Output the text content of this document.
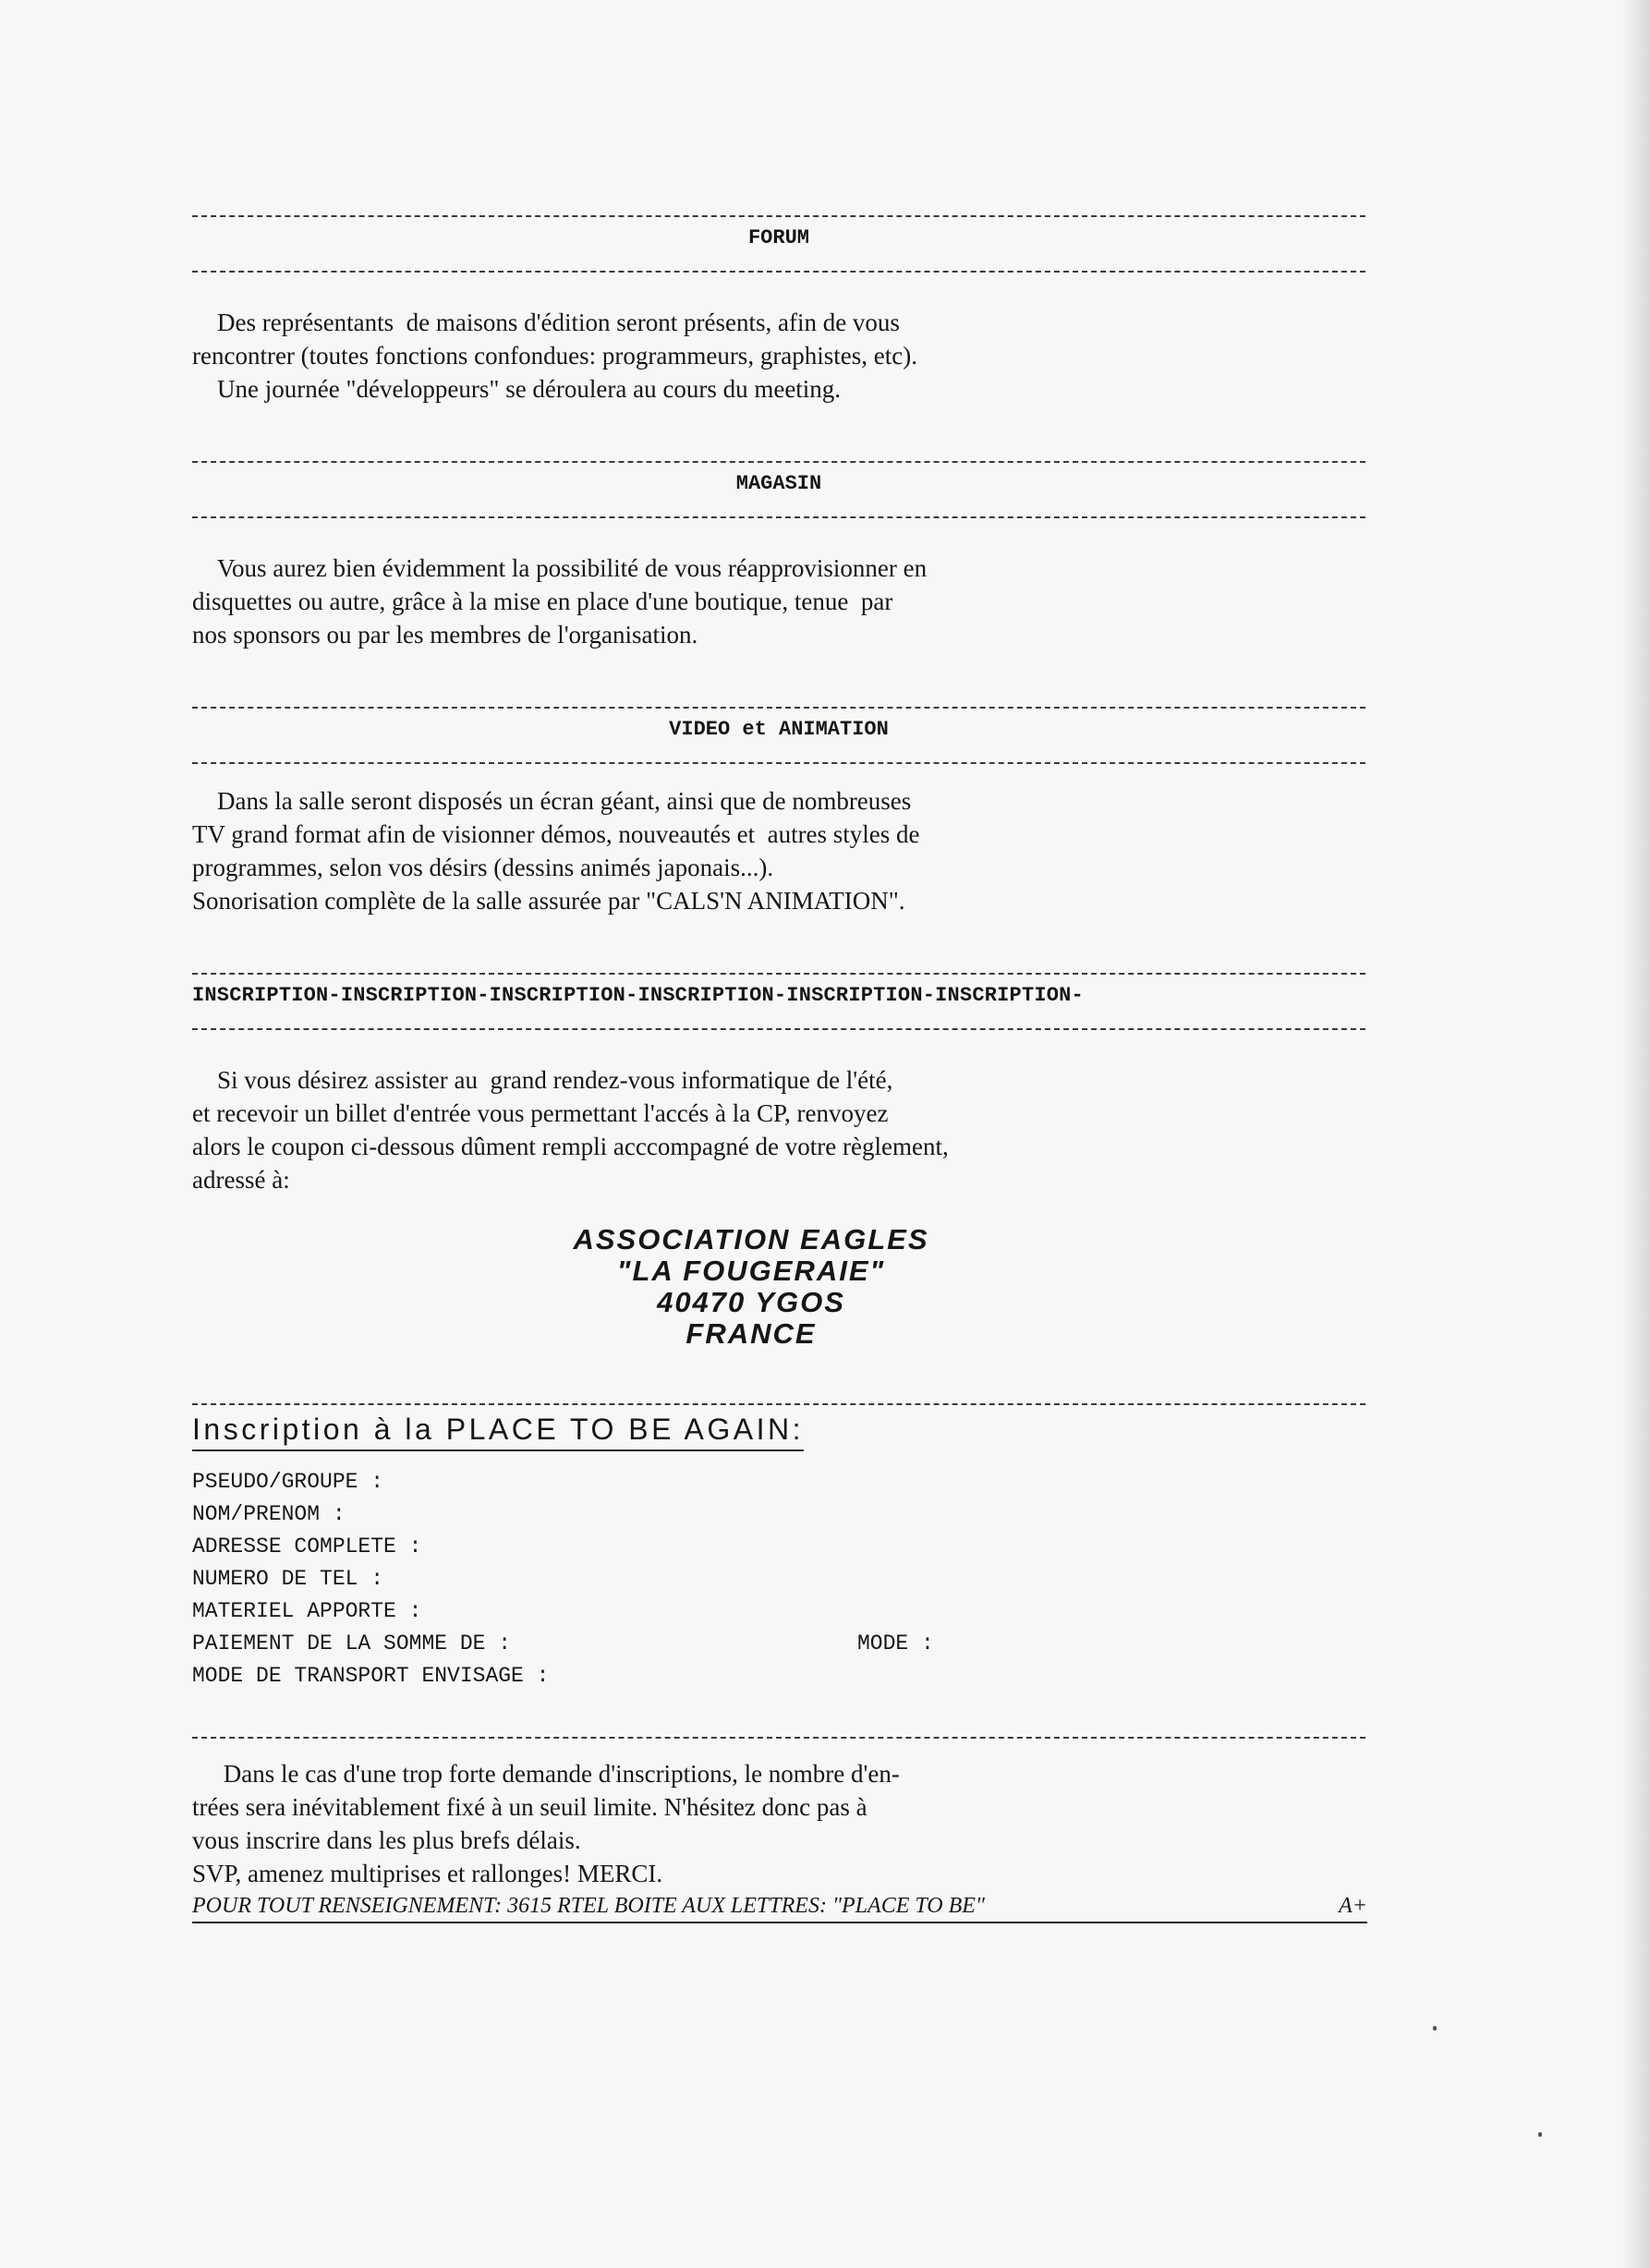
FORUM

Des représentants  de maisons d'édition seront présents, afin de vous
rencontrer (toutes fonctions confondues: programmeurs, graphistes, etc).
Une journée "développeurs" se déroulera au cours du meeting.

MAGASIN

Vous aurez bien évidemment la possibilité de vous réapprovisionner en
disquettes ou autre, grâce à la mise en place d'une boutique, tenue  par
nos sponsors ou par les membres de l'organisation.

VIDEO et ANIMATION

Dans la salle seront disposés un écran géant, ainsi que de nombreuses
TV grand format afin de visionner démos, nouveautés et  autres styles de
programmes, selon vos désirs (dessins animés japonais...).
Sonorisation complète de la salle assurée par "CALS'N ANIMATION".

INSCRIPTION-INSCRIPTION-INSCRIPTION-INSCRIPTION-INSCRIPTION-INSCRIPTION-

Si vous désirez assister au  grand rendez-vous informatique de l'été,
et recevoir un billet d'entrée vous permettant l'accés à la CP, renvoyez
alors le coupon ci-dessous dûment rempli acccompagné de votre règlement,
adressé à:

ASSOCIATION EAGLES
"LA FOUGERAIE"
40470 YGOS
FRANCE
Inscription à la PLACE TO BE AGAIN:
PSEUDO/GROUPE :
NOM/PRENOM :
ADRESSE COMPLETE :
NUMERO DE TEL :
MATERIEL APPORTE :
PAIEMENT DE LA SOMME DE :	MODE :
MODE DE TRANSPORT ENVISAGE :
Dans le cas d'une trop forte demande d'inscriptions, le nombre d'en-
trées sera inévitablement fixé à un seuil limite. N'hésitez donc pas à
vous inscrire dans les plus brefs délais.
SVP, amenez multiprises et rallonges! MERCI.
POUR TOUT RENSEIGNEMENT: 3615 RTEL BOITE AUX LETTRES: "PLACE TO BE"	A+
